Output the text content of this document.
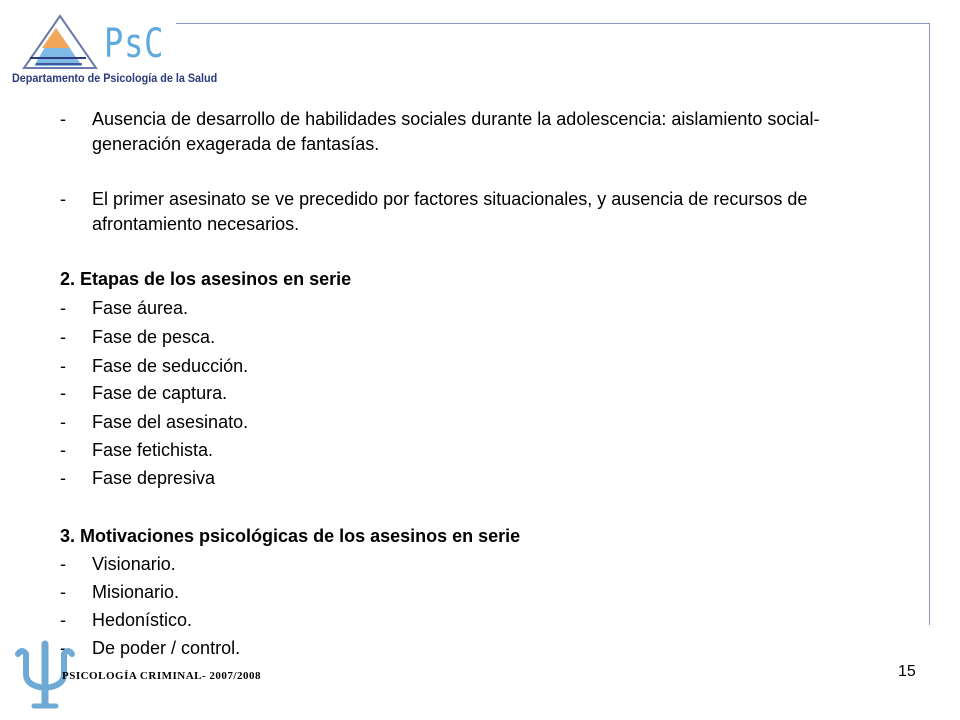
PsC
Departamento de Psicología de la Salud
- Ausencia de desarrollo de habilidades sociales durante la adolescencia: aislamiento social-generación exagerada de fantasías.
- El primer asesinato se ve precedido por factores situacionales, y ausencia de recursos de afrontamiento necesarios.
2. Etapas de los asesinos en serie
- Fase áurea.
- Fase de pesca.
- Fase de seducción.
- Fase de captura.
- Fase del asesinato.
- Fase fetichista.
- Fase depresiva
3. Motivaciones psicológicas de los asesinos en serie
- Visionario.
- Misionario.
- Hedonístico.
- De poder / control.
PSICOLOGÍA CRIMINAL- 2007/2008	15
